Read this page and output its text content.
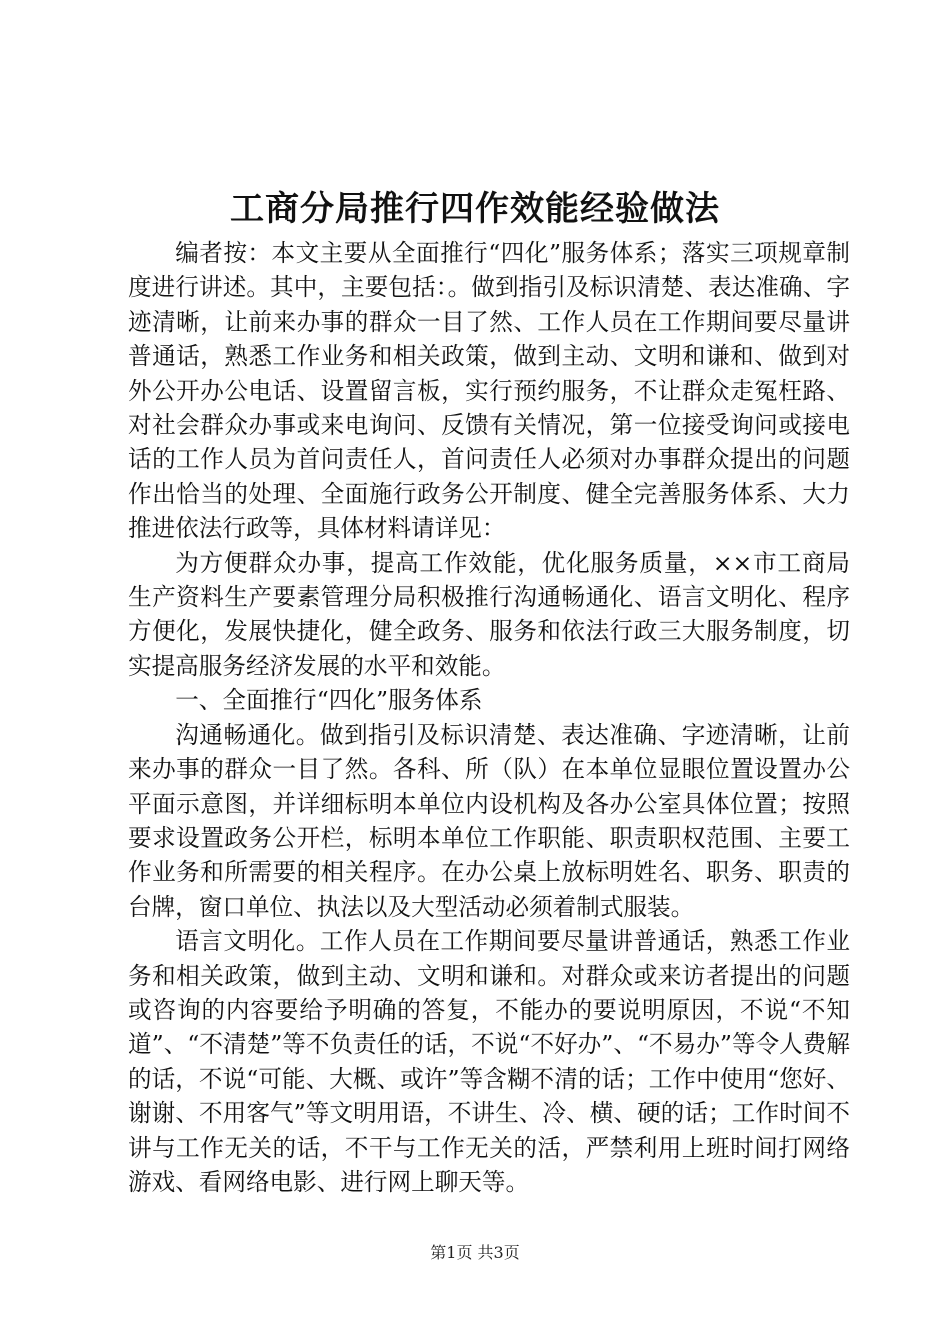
工商分局推行四作效能经验做法

编者按：本文主要从全面推行“四化”服务体系；落实三项规章制度进行讲述。其中，主要包括：。做到指引及标识清楚、表达准确、字迹清晰，让前来办事的群众一目了然、工作人员在工作期间要尽量讲普通话，熟悉工作业务和相关政策，做到主动、文明和谦和、做到对外公开办公电话、设置留言板，实行预约服务，不让群众走冤枉路、对社会群众办事或来电询问、反馈有关情况，第一位接受询问或接电话的工作人员为首问责任人，首问责任人必须对办事群众提出的问题作出恰当的处理、全面施行政务公开制度、健全完善服务体系、大力推进依法行政等，具体材料请详见：

为方便群众办事，提高工作效能，优化服务质量，××市工商局生产资料生产要素管理分局积极推行沟通畅通化、语言文明化、程序方便化，发展快捷化，健全政务、服务和依法行政三大服务制度，切实提高服务经济发展的水平和效能。

一、全面推行“四化”服务体系

沟通畅通化。做到指引及标识清楚、表达准确、字迹清晰，让前来办事的群众一目了然。各科、所（队）在本单位显眼位置设置办公平面示意图，并详细标明本单位内设机构及各办公室具体位置；按照要求设置政务公开栏，标明本单位工作职能、职责职权范围、主要工作业务和所需要的相关程序。在办公桌上放标明姓名、职务、职责的台牌，窗口单位、执法以及大型活动必须着制式服装。

语言文明化。工作人员在工作期间要尽量讲普通话，熟悉工作业务和相关政策，做到主动、文明和谦和。对群众或来访者提出的问题或咨询的内容要给予明确的答复，不能办的要说明原因，不说“不知道”、“不清楚”等不负责任的话，不说“不好办”、“不易办”等令人费解的话，不说“可能、大概、或许”等含糊不清的话；工作中使用“您好、谢谢、不用客气”等文明用语，不讲生、冷、横、硬的话；工作时间不讲与工作无关的话，不干与工作无关的活，严禁利用上班时间打网络游戏、看网络电影、进行网上聊天等。

第1页 共3页
